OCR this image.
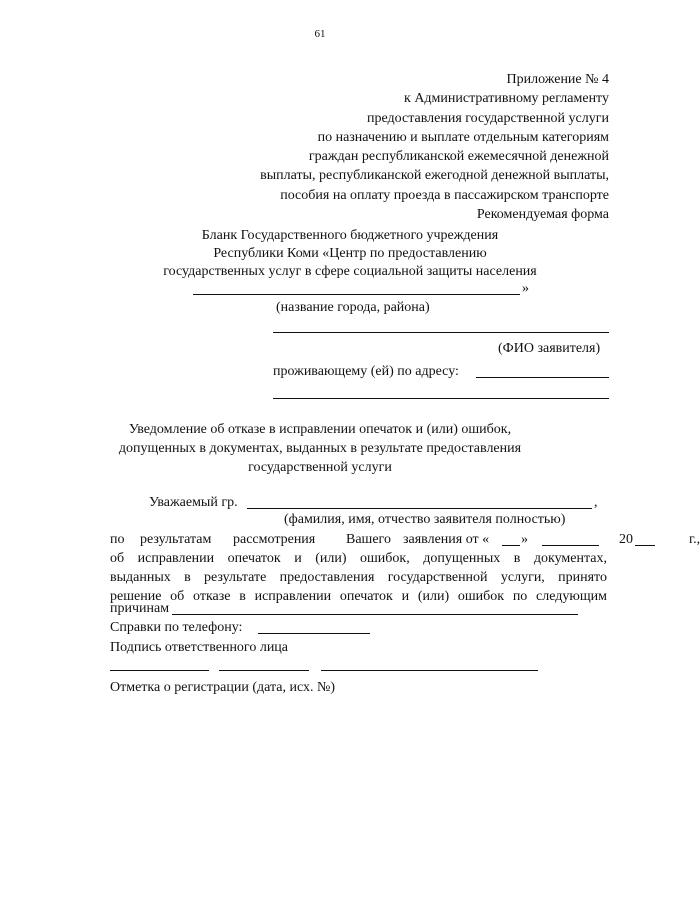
61
Приложение № 4
к Административному регламенту
предоставления государственной услуги
по назначению и выплате отдельным категориям
граждан республиканской ежемесячной денежной
выплаты, республиканской ежегодной денежной выплаты,
пособия на оплату проезда в пассажирском транспорте
Рекомендуемая форма
Бланк Государственного бюджетного учреждения
Республики Коми «Центр по предоставлению
государственных услуг в сфере социальной защиты населения
»
(название города, района)
(ФИО заявителя)
проживающему (ей) по адресу:
Уведомление об отказе в исправлении опечаток и (или) ошибок, допущенных в документах, выданных в результате предоставления государственной услуги
Уважаемый гр.	,
(фамилия, имя, отчество заявителя полностью)
по результатам рассмотрения Вашего заявления от « »	20	г.,
об исправлении опечаток и (или) ошибок, допущенных в документах,
выданных в результате предоставления государственной услуги, принято
решение об отказе в исправлении опечаток и (или) ошибок по следующим
причинам
Справки по телефону:
Подпись ответственного лица
Отметка о регистрации (дата, исх. №)
